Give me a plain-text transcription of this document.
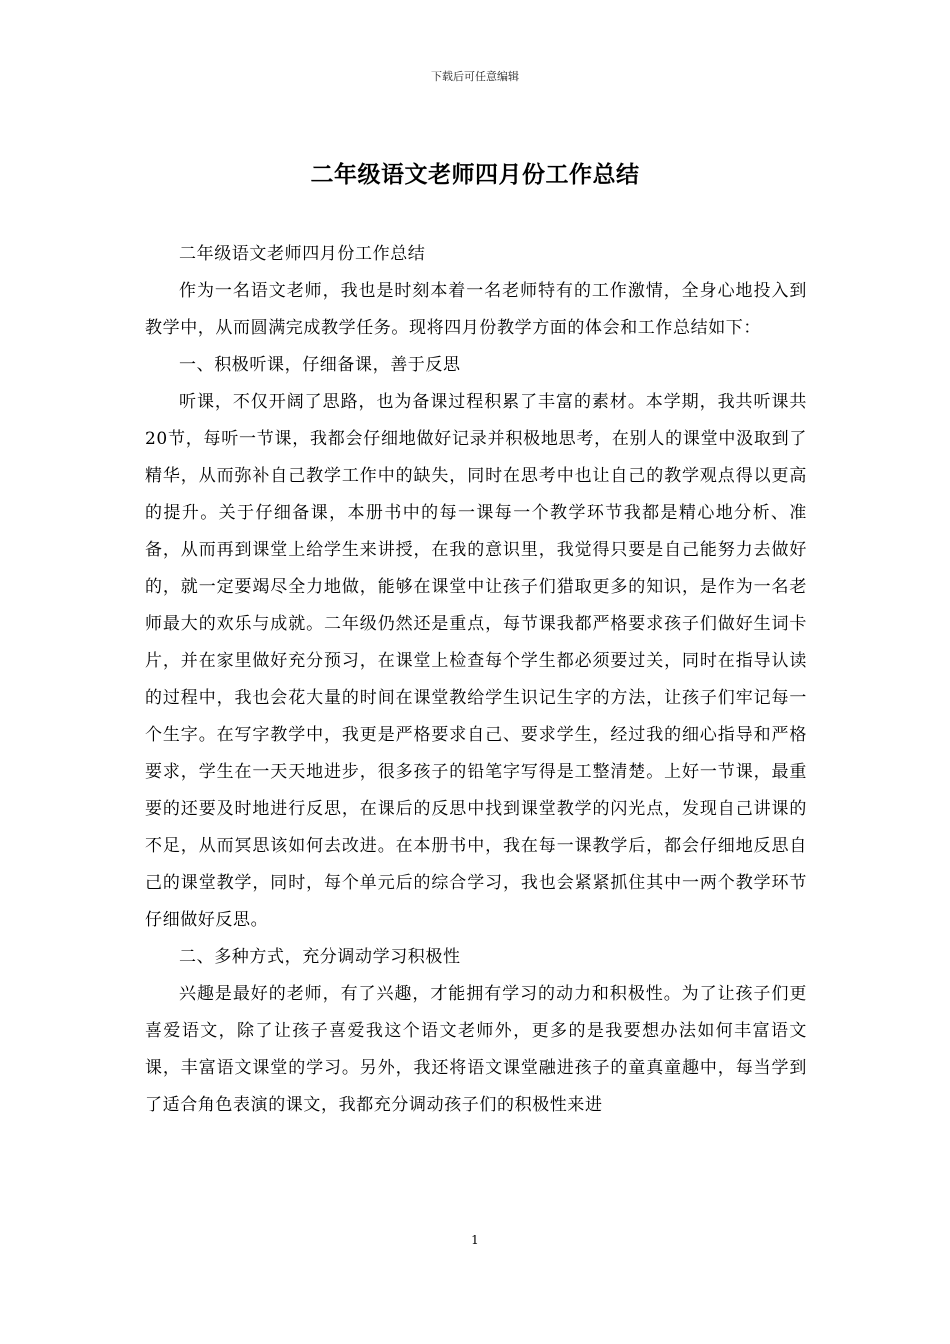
下载后可任意编辑
二年级语文老师四月份工作总结

二年级语文老师四月份工作总结

作为一名语文老师，我也是时刻本着一名老师特有的工作激情，全身心地投入到教学中，从而圆满完成教学任务。现将四月份教学方面的体会和工作总结如下：

一、积极听课，仔细备课，善于反思

听课，不仅开阔了思路，也为备课过程积累了丰富的素材。本学期，我共听课共20节，每听一节课，我都会仔细地做好记录并积极地思考，在别人的课堂中汲取到了精华，从而弥补自己教学工作中的缺失，同时在思考中也让自己的教学观点得以更高的提升。关于仔细备课，本册书中的每一课每一个教学环节我都是精心地分析、准备，从而再到课堂上给学生来讲授，在我的意识里，我觉得只要是自己能努力去做好的，就一定要竭尽全力地做，能够在课堂中让孩子们猎取更多的知识，是作为一名老师最大的欢乐与成就。二年级仍然还是重点，每节课我都严格要求孩子们做好生词卡片，并在家里做好充分预习，在课堂上检查每个学生都必须要过关，同时在指导认读的过程中，我也会花大量的时间在课堂教给学生识记生字的方法，让孩子们牢记每一个生字。在写字教学中，我更是严格要求自己、要求学生，经过我的细心指导和严格要求，学生在一天天地进步，很多孩子的铅笔字写得是工整清楚。上好一节课，最重要的还要及时地进行反思，在课后的反思中找到课堂教学的闪光点，发现自己讲课的不足，从而冥思该如何去改进。在本册书中，我在每一课教学后，都会仔细地反思自己的课堂教学，同时，每个单元后的综合学习，我也会紧紧抓住其中一两个教学环节仔细做好反思。

二、多种方式，充分调动学习积极性

兴趣是最好的老师，有了兴趣，才能拥有学习的动力和积极性。为了让孩子们更喜爱语文，除了让孩子喜爱我这个语文老师外，更多的是我要想办法如何丰富语文课，丰富语文课堂的学习。另外，我还将语文课堂融进孩子的童真童趣中，每当学到了适合角色表演的课文，我都充分调动孩子们的积极性来进

1
